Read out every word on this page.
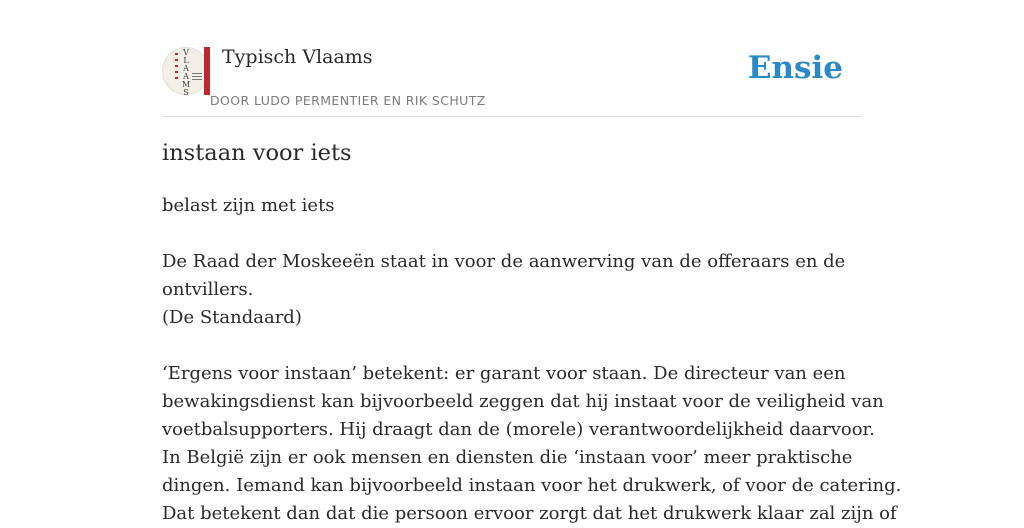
V
L
A
A
M
S
Typisch Vlaams
DOOR LUDO PERMENTIER EN RIK SCHUTZ
Ensie
instaan voor iets

belast zijn met iets

De Raad der Moskeeën staat in voor de aanwerving van de offeraars en de

ontvillers.

(De Standaard)

‘Ergens voor instaan’ betekent: er garant voor staan. De directeur van een

bewakingsdienst kan bijvoorbeeld zeggen dat hij instaat voor de veiligheid van

voetbalsupporters. Hij draagt dan de (morele) verantwoordelijkheid daarvoor.

In België zijn er ook mensen en diensten die ‘instaan voor’ meer praktische

dingen. Iemand kan bijvoorbeeld instaan voor het drukwerk, of voor de catering.

Dat betekent dan dat die persoon ervoor zorgt dat het drukwerk klaar zal zijn of
